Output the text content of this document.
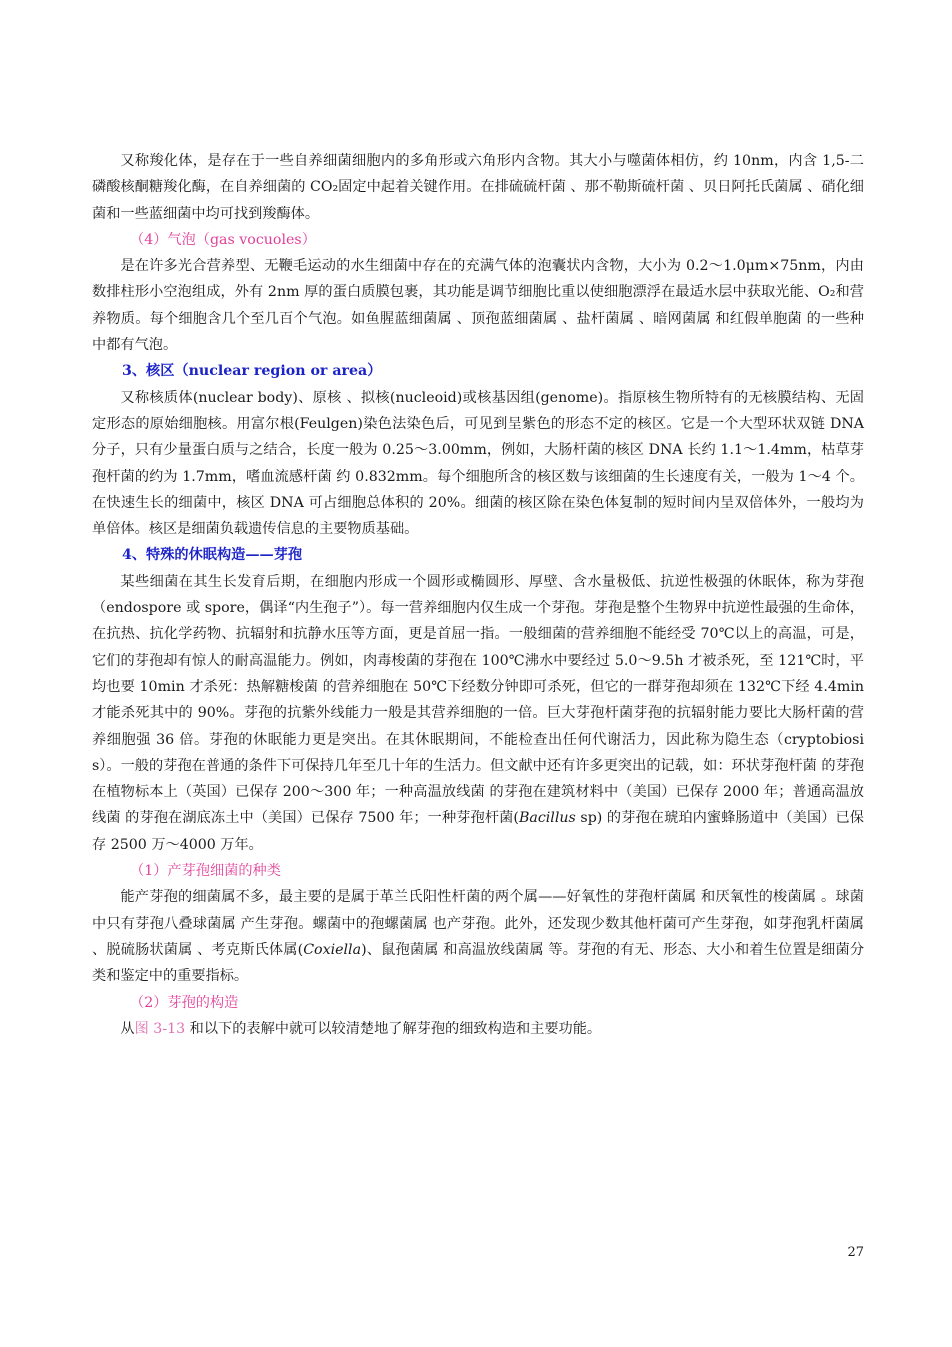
又称羧化体，是存在于一些自养细菌细胞内的多角形或六角形内含物。其大小与噬菌体相仿，约 10nm，内含 1,5-二磷酸核酮糖羧化酶，在自养细菌的 CO₂固定中起着关键作用。在排硫硫杆菌 、那不勒斯硫杆菌 、贝日阿托氏菌属 、硝化细菌和一些蓝细菌中均可找到羧酶体。

（4）气泡（gas vocuoles）

是在许多光合营养型、无鞭毛运动的水生细菌中存在的充满气体的泡囊状内含物，大小为 0.2～1.0μm×75nm，内由数排柱形小空泡组成，外有 2nm 厚的蛋白质膜包裹，其功能是调节细胞比重以使细胞漂浮在最适水层中获取光能、O₂和营养物质。每个细胞含几个至几百个气泡。如鱼腥蓝细菌属 、顶孢蓝细菌属 、盐杆菌属 、暗网菌属 和红假单胞菌 的一些种中都有气泡。

3、核区（nuclear region or area）

又称核质体(nuclear body)、原核 、拟核(nucleoid)或核基因组(genome)。指原核生物所特有的无核膜结构、无固定形态的原始细胞核。用富尔根(Feulgen)染色法染色后，可见到呈紫色的形态不定的核区。它是一个大型环状双链 DNA 分子，只有少量蛋白质与之结合，长度一般为 0.25～3.00mm，例如，大肠杆菌的核区 DNA 长约 1.1～1.4mm，枯草芽孢杆菌的约为 1.7mm，嗜血流感杆菌 约 0.832mm。每个细胞所含的核区数与该细菌的生长速度有关，一般为 1～4 个。在快速生长的细菌中，核区 DNA 可占细胞总体积的 20%。细菌的核区除在染色体复制的短时间内呈双倍体外，一般均为单倍体。核区是细菌负载遗传信息的主要物质基础。

4、特殊的休眠构造——芽孢

某些细菌在其生长发育后期，在细胞内形成一个圆形或椭圆形、厚壁、含水量极低、抗逆性极强的休眠体，称为芽孢（endospore 或 spore，偶译“内生孢子”）。每一营养细胞内仅生成一个芽孢。芽孢是整个生物界中抗逆性最强的生命体，在抗热、抗化学药物、抗辐射和抗静水压等方面，更是首屈一指。一般细菌的营养细胞不能经受 70℃以上的高温，可是，它们的芽孢却有惊人的耐高温能力。例如，肉毒梭菌的芽孢在 100℃沸水中要经过 5.0～9.5h 才被杀死，至 121℃时，平均也要 10min 才杀死：热解糖梭菌 的营养细胞在 50℃下经数分钟即可杀死，但它的一群芽孢却须在 132℃下经 4.4min 才能杀死其中的 90%。芽孢的抗紫外线能力一般是其营养细胞的一倍。巨大芽孢杆菌芽孢的抗辐射能力要比大肠杆菌的营养细胞强 36 倍。芽孢的休眠能力更是突出。在其休眠期间，不能检查出任何代谢活力，因此称为隐生态（cryptobiosis）。一般的芽孢在普通的条件下可保持几年至几十年的生活力。但文献中还有许多更突出的记载，如：环状芽孢杆菌 的芽孢在植物标本上（英国）已保存 200～300 年；一种高温放线菌 的芽孢在建筑材料中（美国）已保存 2000 年；普通高温放线菌 的芽孢在湖底冻土中（美国）已保存 7500 年；一种芽孢杆菌(Bacillus sp) 的芽孢在琥珀内蜜蜂肠道中（美国）已保存 2500 万～4000 万年。

（1）产芽孢细菌的种类

能产芽孢的细菌属不多，最主要的是属于革兰氏阳性杆菌的两个属——好氧性的芽孢杆菌属 和厌氧性的梭菌属 。球菌中只有芽孢八叠球菌属 产生芽孢。螺菌中的孢螺菌属 也产芽孢。此外，还发现少数其他杆菌可产生芽孢，如芽孢乳杆菌属 、脱硫肠状菌属 、考克斯氏体属(Coxiella)、鼠孢菌属 和高温放线菌属 等。芽孢的有无、形态、大小和着生位置是细菌分类和鉴定中的重要指标。

（2）芽孢的构造

从图 3-13 和以下的表解中就可以较清楚地了解芽孢的细致构造和主要功能。

27
